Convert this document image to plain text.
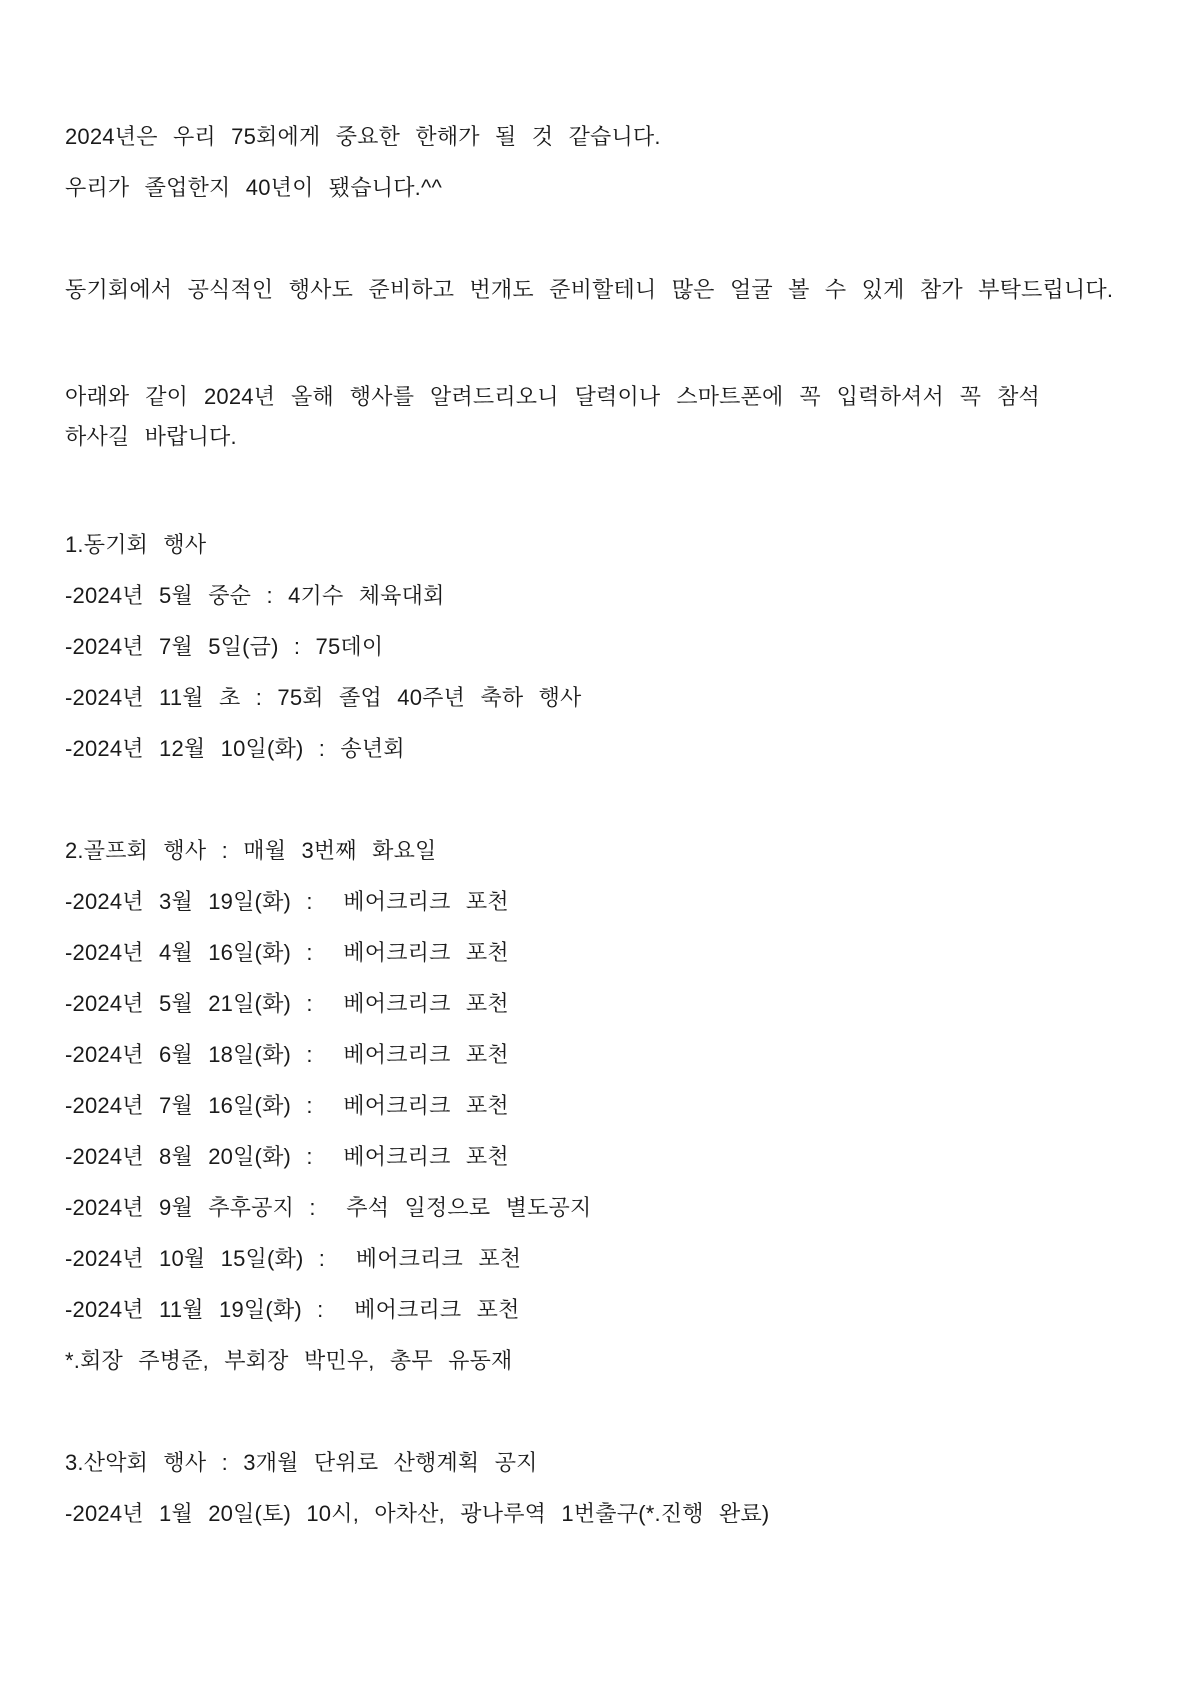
2024년은 우리 75회에게 중요한 한해가 될 것 같습니다.

우리가 졸업한지 40년이 됐습니다.^^

동기회에서 공식적인 행사도 준비하고 번개도 준비할테니 많은 얼굴 볼 수 있게 참가 부탁드립니다.

아래와 같이 2024년 올해 행사를 알려드리오니 달력이나 스마트폰에 꼭 입력하셔서 꼭 참석하사길 바랍니다.

1.동기회 행사

-2024년 5월 중순 : 4기수 체육대회

-2024년 7월 5일(금) : 75데이

-2024년 11월 초 : 75회 졸업 40주년 축하 행사

-2024년 12월 10일(화) : 송년회

2.골프회 행사 : 매월 3번째 화요일

-2024년 3월 19일(화) :  베어크리크 포천

-2024년 4월 16일(화) :  베어크리크 포천

-2024년 5월 21일(화) :  베어크리크 포천

-2024년 6월 18일(화) :  베어크리크 포천

-2024년 7월 16일(화) :  베어크리크 포천

-2024년 8월 20일(화) :  베어크리크 포천

-2024년 9월 추후공지 :  추석 일정으로 별도공지

-2024년 10월 15일(화) :  베어크리크 포천

-2024년 11월 19일(화) :  베어크리크 포천

*.회장 주병준, 부회장 박민우, 총무 유동재

3.산악회 행사 : 3개월 단위로 산행계획 공지

-2024년 1월 20일(토) 10시, 아차산, 광나루역 1번출구(*.진행 완료)
